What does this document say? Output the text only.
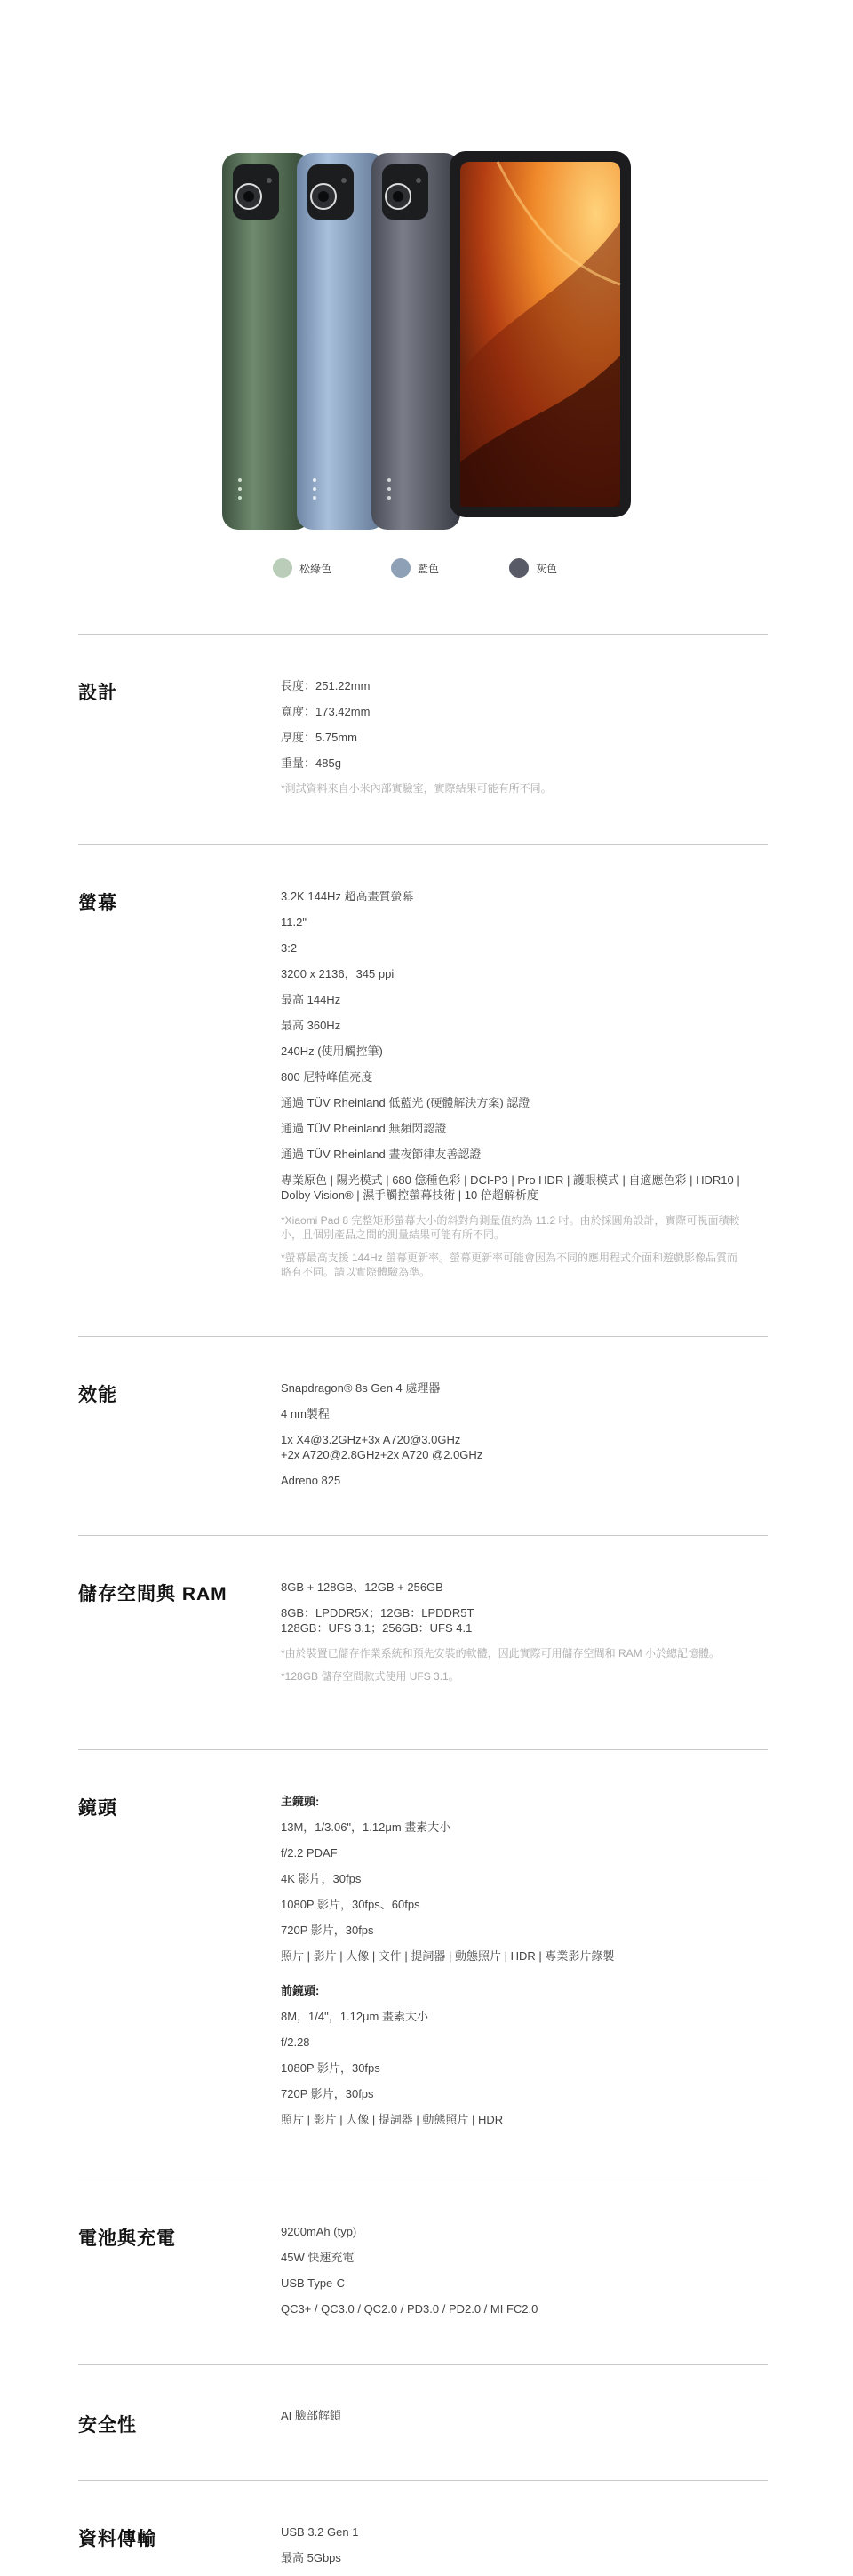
松綠色	藍色	灰色
設計	長度：251.22mm
寬度：173.42mm
厚度：5.75mm
重量：485g
*測試資料來自小米內部實驗室，實際結果可能有所不同。
螢幕	3.2K 144Hz 超高畫質螢幕
11.2"
3:2
3200 x 2136，345 ppi
最高 144Hz
最高 360Hz
240Hz (使用觸控筆)
800 尼特峰值亮度
通過 TÜV Rheinland 低藍光 (硬體解決方案) 認證
通過 TÜV Rheinland 無頻閃認證
通過 TÜV Rheinland 晝夜節律友善認證
專業原色 | 陽光模式 | 680 億種色彩 | DCI-P3 | Pro HDR | 護眼模式 | 自適應色彩 | HDR10 | Dolby Vision® | 濕手觸控螢幕技術 | 10 倍超解析度
*Xiaomi Pad 8 完整矩形螢幕大小的斜對角測量值約為 11.2 吋。由於採圓角設計，實際可視面積較小，且個別產品之間的測量結果可能有所不同。
*螢幕最高支援 144Hz 螢幕更新率。螢幕更新率可能會因為不同的應用程式介面和遊戲影像品質而略有不同。請以實際體驗為準。
效能	Snapdragon® 8s Gen 4 處理器
4 nm製程
1x X4@3.2GHz+3x A720@3.0GHz
+2x A720@2.8GHz+2x A720 @2.0GHz
Adreno 825
儲存空間與 RAM	8GB + 128GB、12GB + 256GB
8GB：LPDDR5X；12GB：LPDDR5T
128GB：UFS 3.1；256GB：UFS 4.1
*由於裝置已儲存作業系統和預先安裝的軟體，因此實際可用儲存空間和 RAM 小於總記憶體。
*128GB 儲存空間款式使用 UFS 3.1。
鏡頭	主鏡頭:
13M，1/3.06"，1.12μm 畫素大小
f/2.2 PDAF
4K 影片，30fps
1080P 影片，30fps、60fps
720P 影片，30fps
照片 | 影片 | 人像 | 文件 | 提詞器 | 動態照片 | HDR | 專業影片錄製
前鏡頭:
8M，1/4"，1.12μm 畫素大小
f/2.28
1080P 影片，30fps
720P 影片，30fps
照片 | 影片 | 人像 | 提詞器 | 動態照片 | HDR
電池與充電	9200mAh (typ)
45W 快速充電
USB Type-C
QC3+ / QC3.0 / QC2.0 / PD3.0 / PD2.0 / MI FC2.0
安全性	AI 臉部解鎖
資料傳輸	USB 3.2 Gen 1
最高 5Gbps
